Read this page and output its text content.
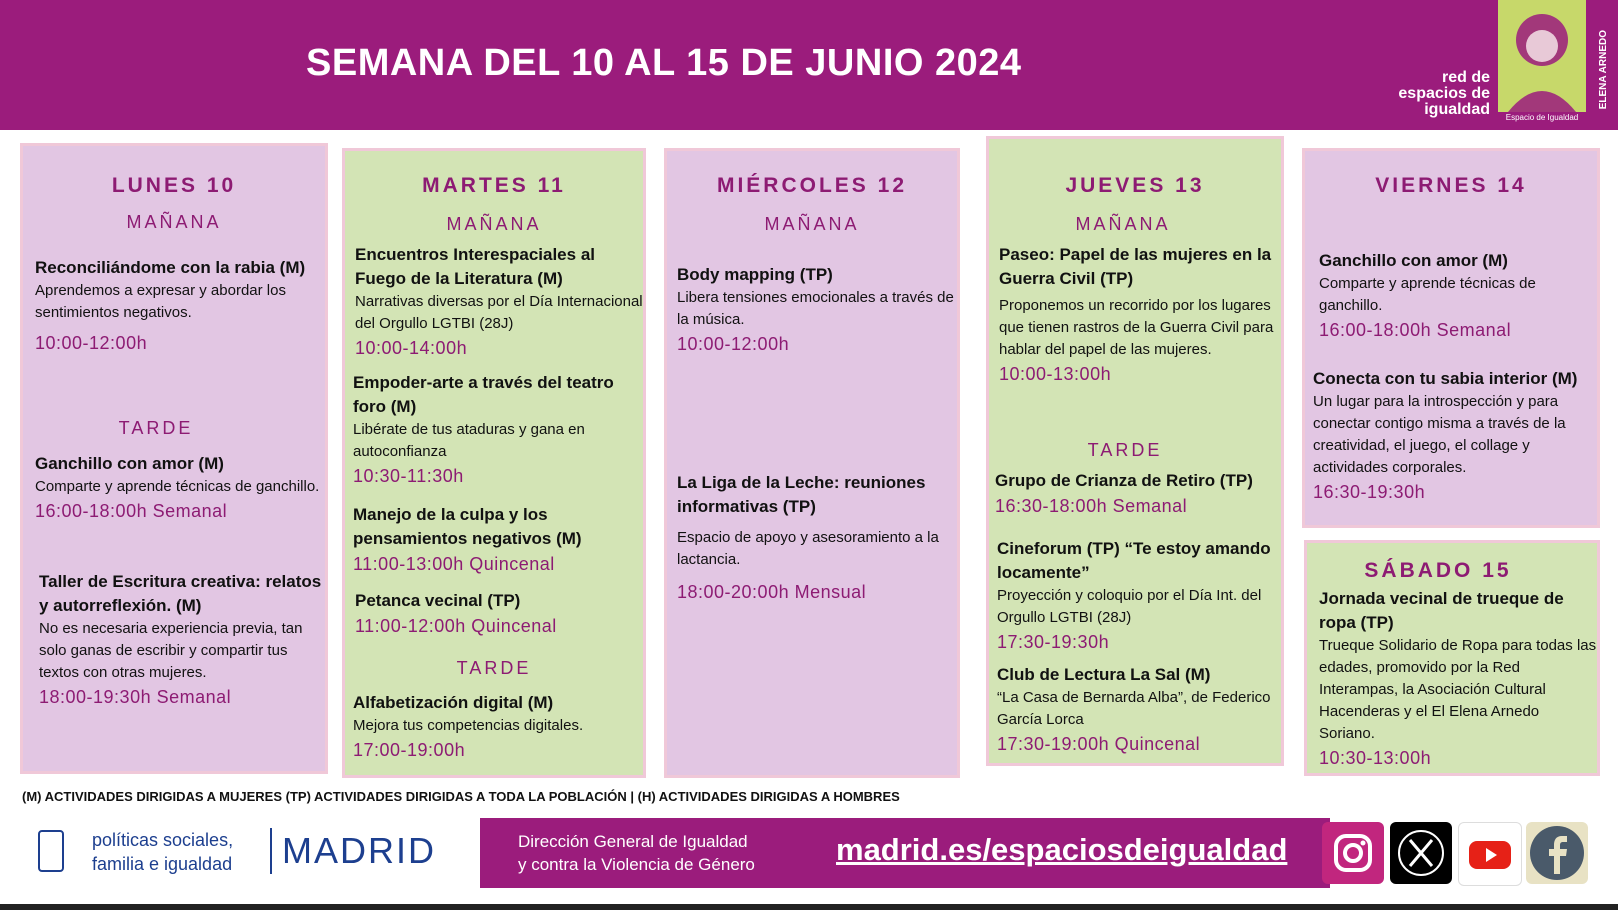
SEMANA DEL 10 AL 15 DE JUNIO 2024	red de
espacios de
igualdad	Espacio de Igualdad
ELENA ARNEDO
LUNES 10
MAÑANA
Reconciliándome con la rabia (M)
Aprendemos a expresar y abordar los sentimientos negativos.
10:00-12:00h
TARDE
Ganchillo con amor (M)
Comparte y aprende técnicas de ganchillo.
16:00-18:00h Semanal
Taller de Escritura creativa: relatos y autorreflexión. (M)
No es necesaria experiencia previa, tan solo ganas de escribir y compartir tus textos con otras mujeres.
18:00-19:30h Semanal
MARTES 11
MAÑANA
Encuentros Interespaciales al Fuego de la Literatura (M)
Narrativas diversas por el Día Internacional del Orgullo LGTBI (28J)
10:00-14:00h
Empoder-arte a través del teatro foro (M)
Libérate de tus ataduras y gana en autoconfianza
10:30-11:30h
Manejo de la culpa y los pensamientos negativos (M)
11:00-13:00h Quincenal
Petanca vecinal (TP)
11:00-12:00h Quincenal
TARDE
Alfabetización digital (M)
Mejora tus competencias digitales.
17:00-19:00h
MIÉRCOLES 12
MAÑANA
Body mapping (TP)
Libera tensiones emocionales a través de la música.
10:00-12:00h
La Liga de la Leche: reuniones informativas (TP)
Espacio de apoyo y asesoramiento a la lactancia.
18:00-20:00h Mensual
JUEVES 13
MAÑANA
Paseo: Papel de las mujeres en la Guerra Civil (TP)
Proponemos un recorrido por los lugares que tienen rastros de la Guerra Civil para hablar del papel de las mujeres.
10:00-13:00h
TARDE
Grupo de Crianza de Retiro (TP)
16:30-18:00h Semanal
Cineforum (TP) “Te estoy amando locamente”
Proyección y coloquio por el Día Int. del Orgullo LGTBI (28J)
17:30-19:30h
Club de Lectura La Sal (M)
“La Casa de Bernarda Alba”, de Federico García Lorca
17:30-19:00h Quincenal
VIERNES 14
Ganchillo con amor (M)
Comparte y aprende técnicas de ganchillo.
16:00-18:00h Semanal
Conecta con tu sabia interior (M)
Un lugar para la introspección y para conectar contigo misma a través de la creatividad, el juego, el collage y actividades corporales.
16:30-19:30h
SÁBADO 15
Jornada vecinal de trueque de ropa (TP)
Trueque Solidario de Ropa para todas las edades, promovido por la Red Interampas, la Asociación Cultural Hacenderas y el El Elena Arnedo Soriano.
10:30-13:00h
(M) ACTIVIDADES DIRIGIDAS A MUJERES (TP) ACTIVIDADES DIRIGIDAS A TODA LA POBLACIÓN | (H) ACTIVIDADES DIRIGIDAS A HOMBRES
políticas sociales,
familia e igualdad MADRID	Dirección General de Igualdad
y contra la Violencia de Género	madrid.es/espaciosdeigualdad
